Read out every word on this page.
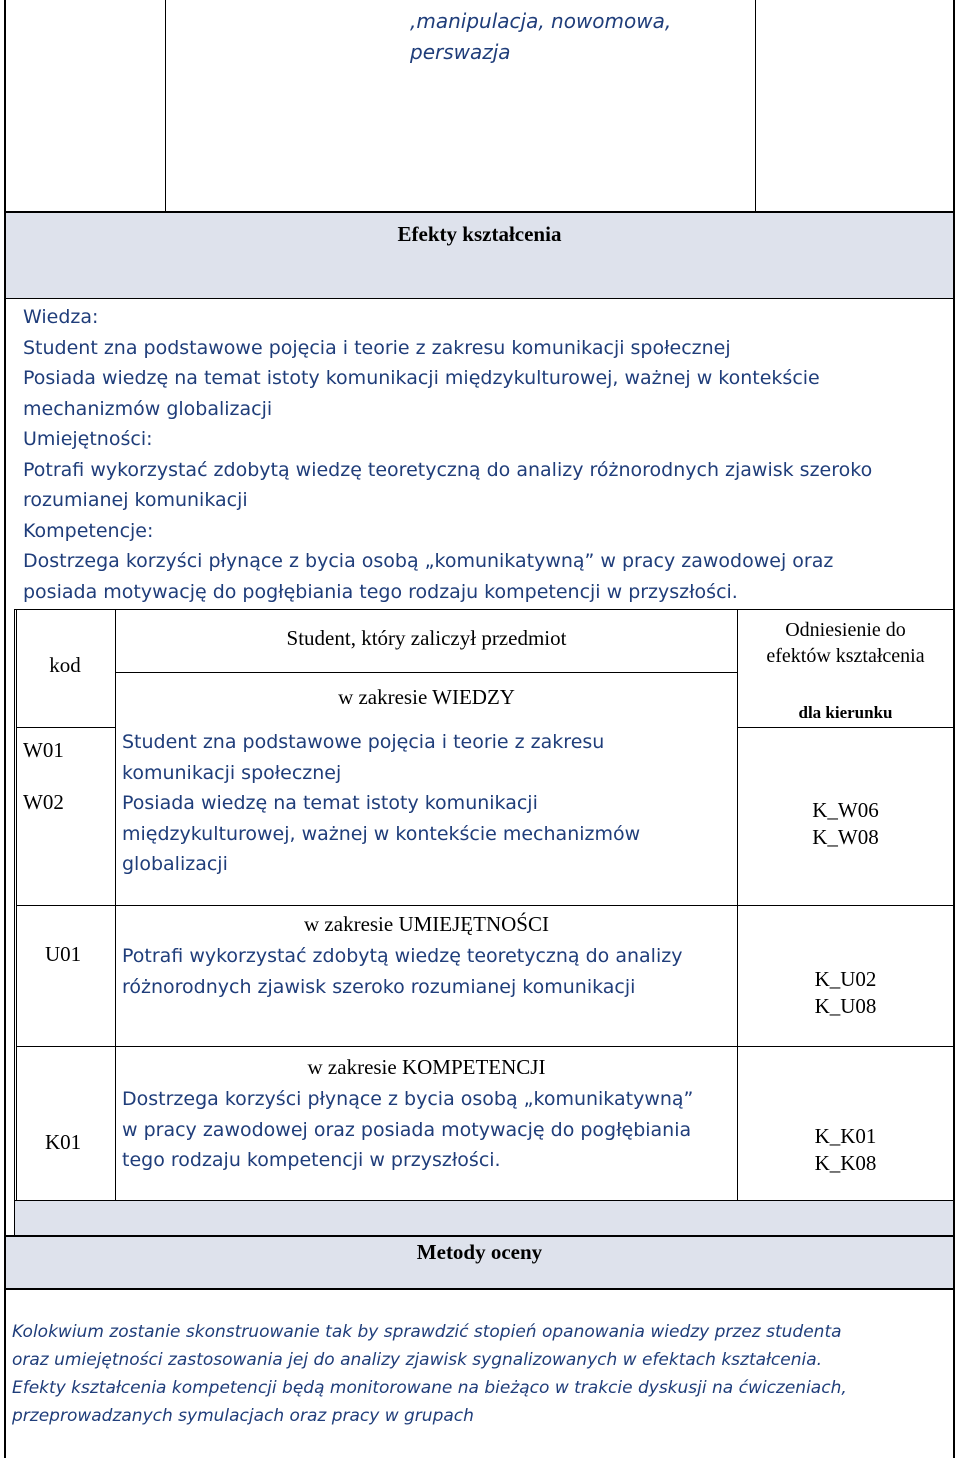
,manipulacja, nowomowa,
perswazja
Efekty kształcenia
Wiedza:
Student zna podstawowe pojęcia i teorie z zakresu komunikacji społecznej
Posiada wiedzę na temat istoty komunikacji międzykulturowej, ważnej w kontekście
mechanizmów globalizacji
Umiejętności:
Potrafi wykorzystać zdobytą wiedzę teoretyczną do analizy różnorodnych zjawisk szeroko
rozumianej komunikacji
Kompetencje:
Dostrzega korzyści płynące z bycia osobą „komunikatywną” w pracy zawodowej oraz
posiada motywację do pogłębiania tego rodzaju kompetencji w przyszłości.
kod
Student, który zaliczył przedmiot	Odniesienie do
efektów kształcenia
dla kierunku
w zakresie WIEDZY
W01
W02
Student zna podstawowe pojęcia i teorie z zakresu
komunikacji społecznej
Posiada wiedzę na temat istoty komunikacji
międzykulturowej, ważnej w kontekście mechanizmów
globalizacji
K_W06
K_W08
w zakresie UMIEJĘTNOŚCI
U01 Potrafi wykorzystać zdobytą wiedzę teoretyczną do analizy
różnorodnych zjawisk szeroko rozumianej komunikacji	K_U02
K_U08
w zakresie KOMPETENCJI
K01
Dostrzega korzyści płynące z bycia osobą „komunikatywną”
w pracy zawodowej oraz posiada motywację do pogłębiania
tego rodzaju kompetencji w przyszłości.
K_K01
K_K08
Metody oceny
Kolokwium zostanie skonstruowanie tak by sprawdzić stopień opanowania wiedzy przez studenta
oraz umiejętności zastosowania jej do analizy zjawisk sygnalizowanych w efektach kształcenia.
Efekty kształcenia kompetencji będą monitorowane na bieżąco w trakcie dyskusji na ćwiczeniach,
przeprowadzanych symulacjach oraz pracy w grupach
